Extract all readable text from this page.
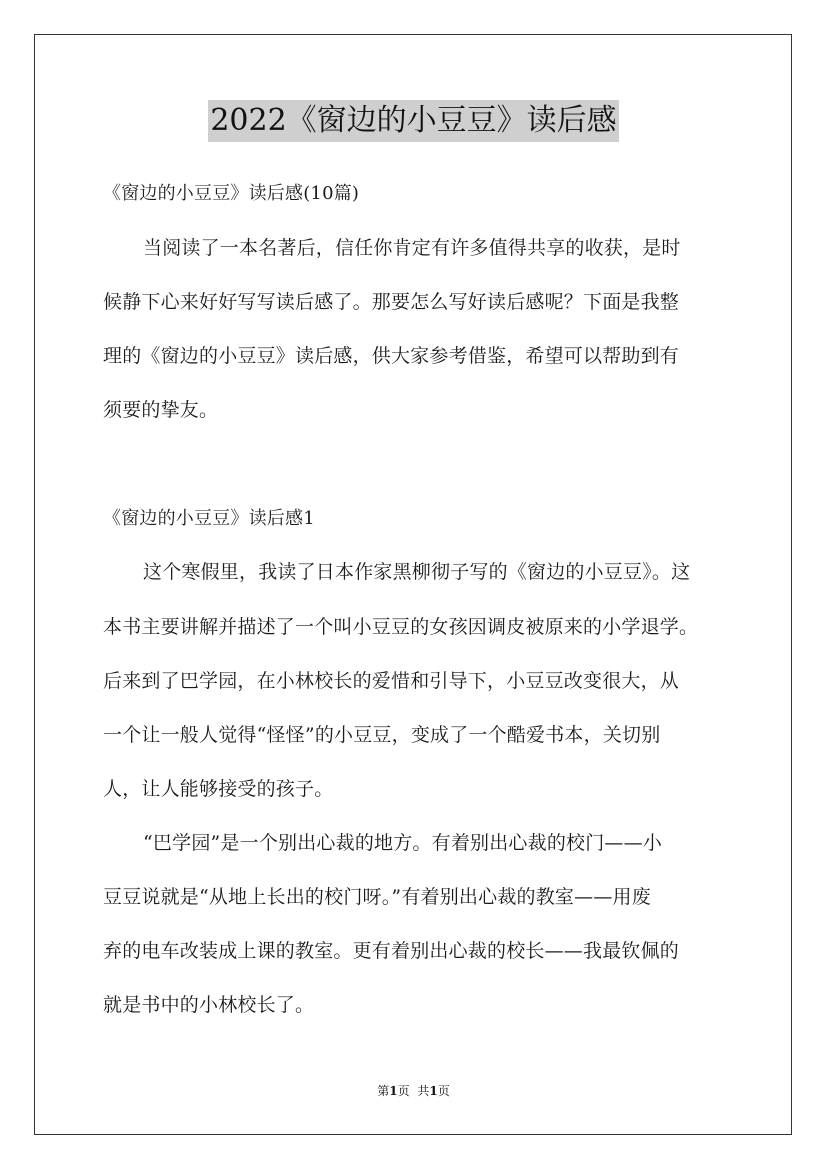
2022《窗边的小豆豆》读后感
《窗边的小豆豆》读后感(10篇)
当阅读了一本名著后，信任你肯定有许多值得共享的收获，是时
候静下心来好好写写读后感了。那要怎么写好读后感呢？下面是我整
理的《窗边的小豆豆》读后感，供大家参考借鉴，希望可以帮助到有
须要的挚友。
《窗边的小豆豆》读后感1
这个寒假里，我读了日本作家黑柳彻子写的《窗边的小豆豆》。这
本书主要讲解并描述了一个叫小豆豆的女孩因调皮被原来的小学退学。
后来到了巴学园，在小林校长的爱惜和引导下，小豆豆改变很大，从
一个让一般人觉得“怪怪”的小豆豆，变成了一个酷爱书本，关切别
人，让人能够接受的孩子。
“巴学园”是一个别出心裁的地方。有着别出心裁的校门——小
豆豆说就是“从地上长出的校门呀。”有着别出心裁的教室——用废
弃的电车改装成上课的教室。更有着别出心裁的校长——我最钦佩的
就是书中的小林校长了。
第1页 共1页
